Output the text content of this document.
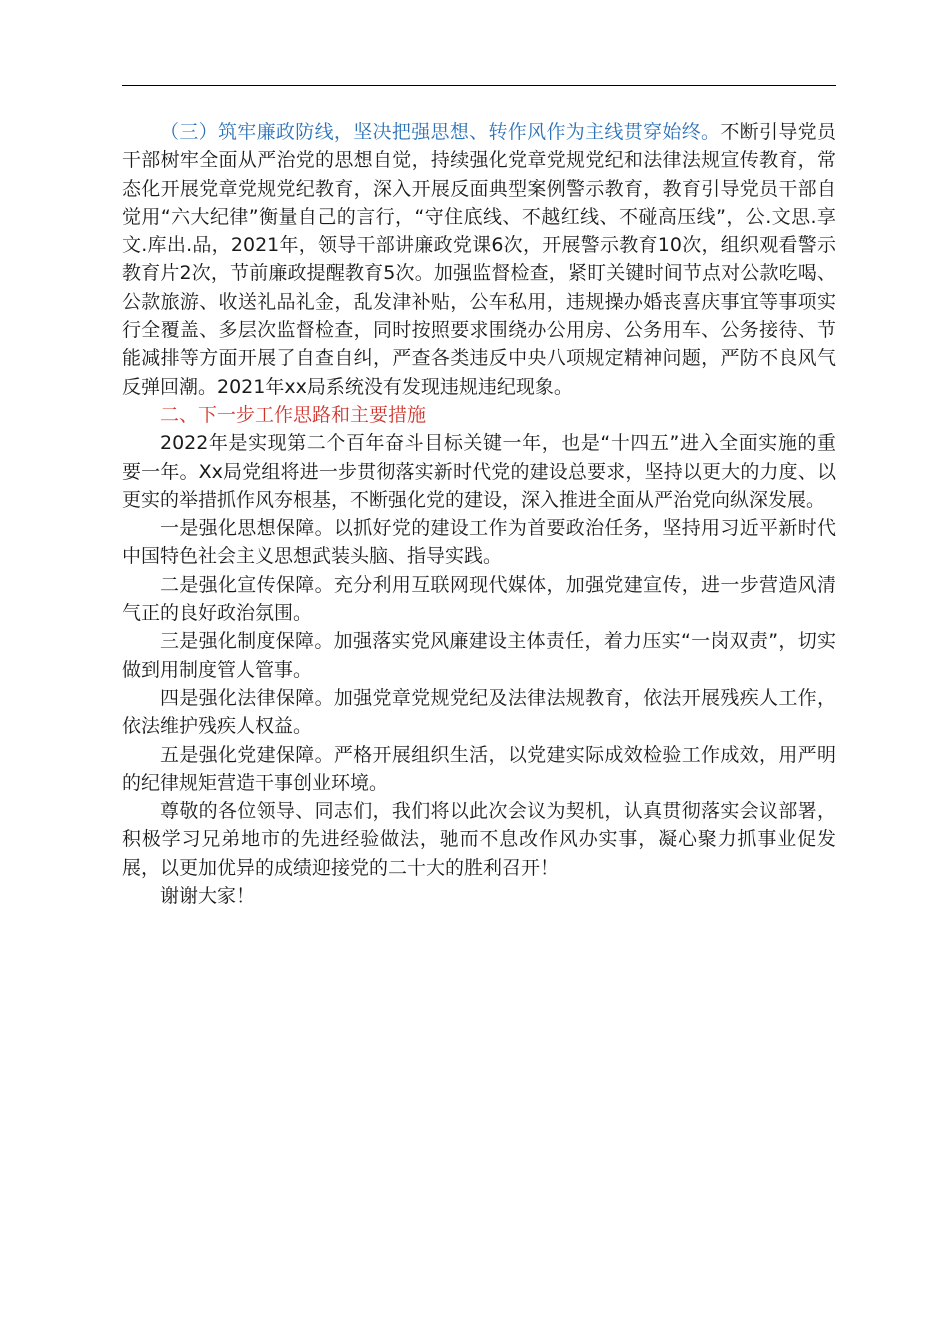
（三）筑牢廉政防线，坚决把强思想、转作风作为主线贯穿始终。不断引导党员干部树牢全面从严治党的思想自觉，持续强化党章党规党纪和法律法规宣传教育，常态化开展党章党规党纪教育，深入开展反面典型案例警示教育，教育引导党员干部自觉用“六大纪律”衡量自己的言行，“守住底线、不越红线、不碰高压线”，公.文思.享文.库出.品，2021年，领导干部讲廉政党课6次，开展警示教育10次，组织观看警示教育片2次，节前廉政提醒教育5次。加强监督检查，紧盯关键时间节点对公款吃喝、公款旅游、收送礼品礼金，乱发津补贴，公车私用，违规操办婚丧喜庆事宜等事项实行全覆盖、多层次监督检查，同时按照要求围绕办公用房、公务用车、公务接待、节能减排等方面开展了自查自纠，严查各类违反中央八项规定精神问题，严防不良风气反弹回潮。2021年xx局系统没有发现违规违纪现象。

二、下一步工作思路和主要措施

2022年是实现第二个百年奋斗目标关键一年，也是“十四五”进入全面实施的重要一年。Xx局党组将进一步贯彻落实新时代党的建设总要求，坚持以更大的力度、以更实的举措抓作风夯根基，不断强化党的建设，深入推进全面从严治党向纵深发展。

一是强化思想保障。以抓好党的建设工作为首要政治任务，坚持用习近平新时代中国特色社会主义思想武装头脑、指导实践。

二是强化宣传保障。充分利用互联网现代媒体，加强党建宣传，进一步营造风清气正的良好政治氛围。

三是强化制度保障。加强落实党风廉建设主体责任，着力压实“一岗双责”，切实做到用制度管人管事。

四是强化法律保障。加强党章党规党纪及法律法规教育，依法开展残疾人工作，依法维护残疾人权益。

五是强化党建保障。严格开展组织生活，以党建实际成效检验工作成效，用严明的纪律规矩营造干事创业环境。

尊敬的各位领导、同志们，我们将以此次会议为契机，认真贯彻落实会议部署，积极学习兄弟地市的先进经验做法，驰而不息改作风办实事，凝心聚力抓事业促发展，以更加优异的成绩迎接党的二十大的胜利召开！

谢谢大家！
